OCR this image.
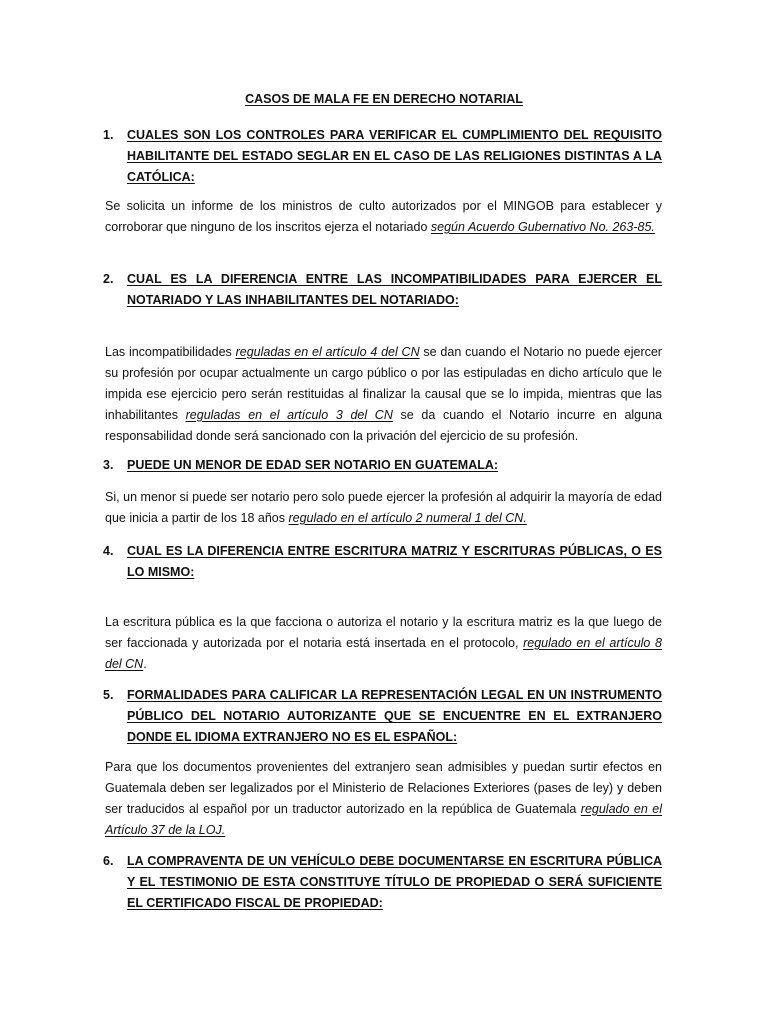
CASOS DE MALA FE EN DERECHO NOTARIAL
1. CUALES SON LOS CONTROLES PARA VERIFICAR EL CUMPLIMIENTO DEL REQUISITO HABILITANTE DEL ESTADO SEGLAR EN EL CASO DE LAS RELIGIONES DISTINTAS A LA CATÓLICA:
Se solicita un informe de los ministros de culto autorizados por el MINGOB para establecer y corroborar que ninguno de los inscritos ejerza el notariado según Acuerdo Gubernativo No. 263-85.
2. CUAL ES LA DIFERENCIA ENTRE LAS INCOMPATIBILIDADES PARA EJERCER EL NOTARIADO Y LAS INHABILITANTES DEL NOTARIADO:
Las incompatibilidades reguladas en el artículo 4 del CN se dan cuando el Notario no puede ejercer su profesión por ocupar actualmente un cargo público o por las estipuladas en dicho artículo que le impida ese ejercicio pero serán restituidas al finalizar la causal que se lo impida, mientras que las inhabilitantes reguladas en el artículo 3 del CN se da cuando el Notario incurre en alguna responsabilidad donde será sancionado con la privación del ejercicio de su profesión.
3. PUEDE UN MENOR DE EDAD SER NOTARIO EN GUATEMALA:
Si, un menor si puede ser notario pero solo puede ejercer la profesión al adquirir la mayoría de edad que inicia a partir de los 18 años regulado en el artículo 2 numeral 1 del CN.
4. CUAL ES LA DIFERENCIA ENTRE ESCRITURA MATRIZ Y ESCRITURAS PÚBLICAS, O ES LO MISMO:
La escritura pública es la que facciona o autoriza el notario y la escritura matriz es la que luego de ser faccionada y autorizada por el notaria está insertada en el protocolo, regulado en el artículo 8 del CN.
5. FORMALIDADES PARA CALIFICAR LA REPRESENTACIÓN LEGAL EN UN INSTRUMENTO PÚBLICO DEL NOTARIO AUTORIZANTE QUE SE ENCUENTRE EN EL EXTRANJERO DONDE EL IDIOMA EXTRANJERO NO ES EL ESPAÑOL:
Para que los documentos provenientes del extranjero sean admisibles y puedan surtir efectos en Guatemala deben ser legalizados por el Ministerio de Relaciones Exteriores (pases de ley) y deben ser traducidos al español por un traductor autorizado en la república de Guatemala regulado en el Artículo 37 de la LOJ.
6. LA COMPRAVENTA DE UN VEHÍCULO DEBE DOCUMENTARSE EN ESCRITURA PÚBLICA Y EL TESTIMONIO DE ESTA CONSTITUYE TÍTULO DE PROPIEDAD O SERÁ SUFICIENTE EL CERTIFICADO FISCAL DE PROPIEDAD:
